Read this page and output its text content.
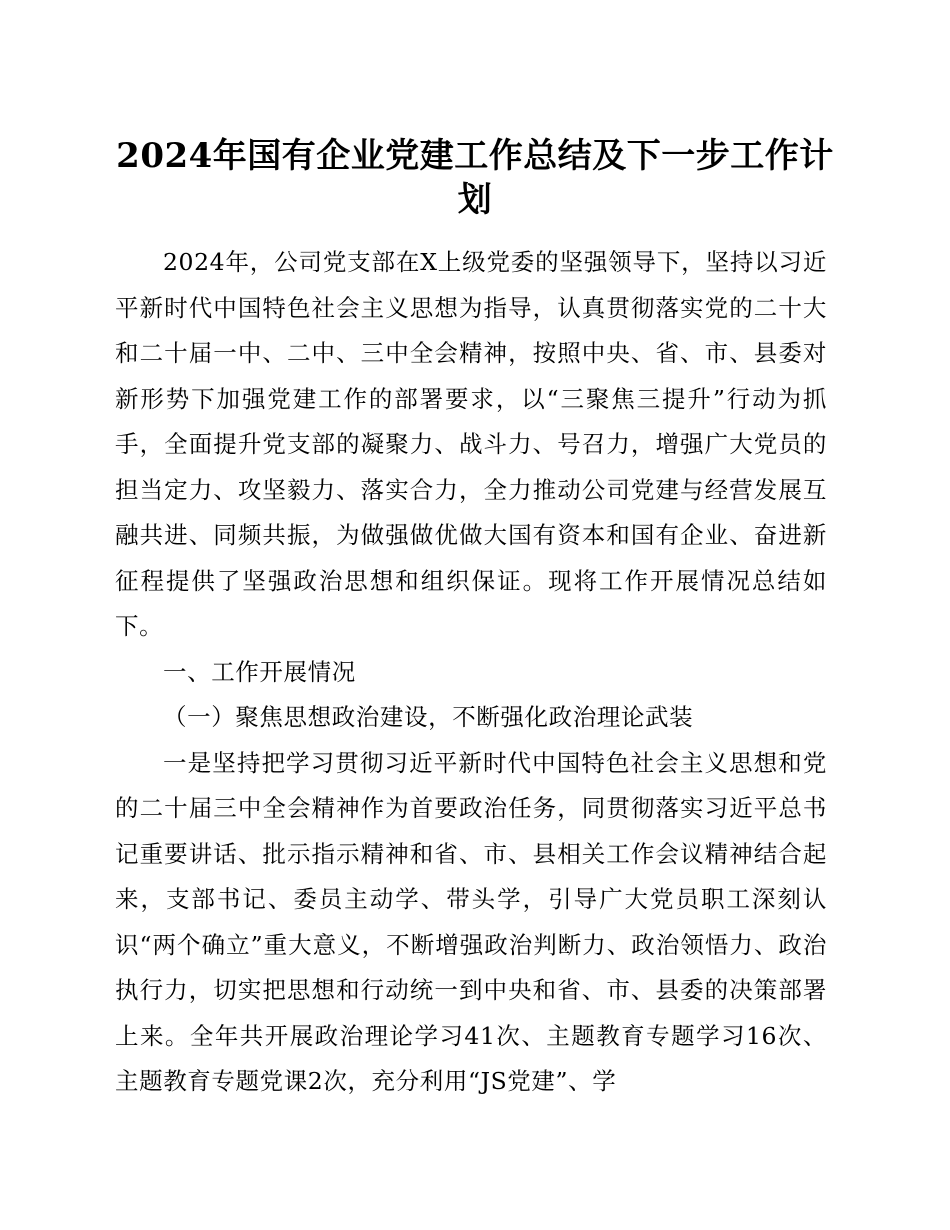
2024年国有企业党建工作总结及下一步工作计划

2024年，公司党支部在X上级党委的坚强领导下，坚持以习近平新时代中国特色社会主义思想为指导，认真贯彻落实党的二十大和二十届一中、二中、三中全会精神，按照中央、省、市、县委对新形势下加强党建工作的部署要求，以“三聚焦三提升”行动为抓手，全面提升党支部的凝聚力、战斗力、号召力，增强广大党员的担当定力、攻坚毅力、落实合力，全力推动公司党建与经营发展互融共进、同频共振，为做强做优做大国有资本和国有企业、奋进新征程提供了坚强政治思想和组织保证。现将工作开展情况总结如下。

一、工作开展情况

（一）聚焦思想政治建设，不断强化政治理论武装

一是坚持把学习贯彻习近平新时代中国特色社会主义思想和党的二十届三中全会精神作为首要政治任务，同贯彻落实习近平总书记重要讲话、批示指示精神和省、市、县相关工作会议精神结合起来，支部书记、委员主动学、带头学，引导广大党员职工深刻认识“两个确立”重大意义，不断增强政治判断力、政治领悟力、政治执行力，切实把思想和行动统一到中央和省、市、县委的决策部署上来。全年共开展政治理论学习41次、主题教育专题学习16次、主题教育专题党课2次，充分利用“JS党建”、学
